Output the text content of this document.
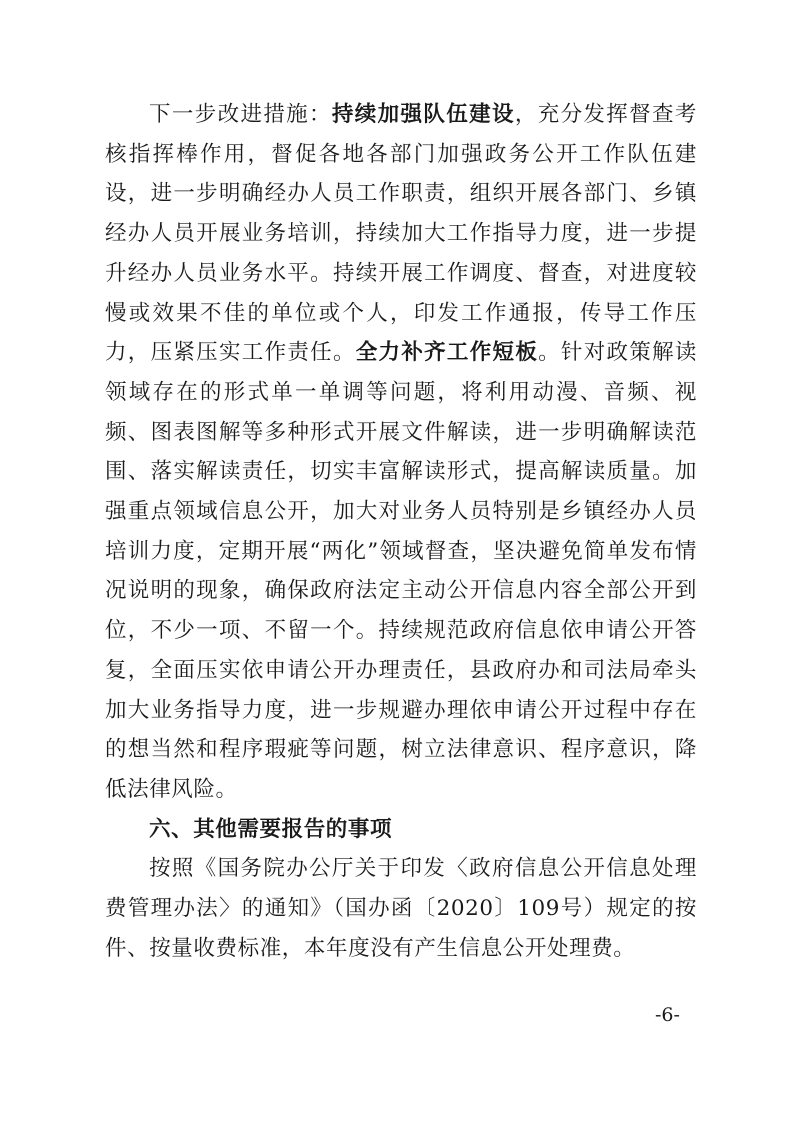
下一步改进措施：持续加强队伍建设，充分发挥督查考核指挥棒作用，督促各地各部门加强政务公开工作队伍建设，进一步明确经办人员工作职责，组织开展各部门、乡镇经办人员开展业务培训，持续加大工作指导力度，进一步提升经办人员业务水平。持续开展工作调度、督查，对进度较慢或效果不佳的单位或个人，印发工作通报，传导工作压力，压紧压实工作责任。全力补齐工作短板。针对政策解读领域存在的形式单一单调等问题，将利用动漫、音频、视频、图表图解等多种形式开展文件解读，进一步明确解读范围、落实解读责任，切实丰富解读形式，提高解读质量。加强重点领域信息公开，加大对业务人员特别是乡镇经办人员培训力度，定期开展“两化”领域督查，坚决避免简单发布情况说明的现象，确保政府法定主动公开信息内容全部公开到位，不少一项、不留一个。持续规范政府信息依申请公开答复，全面压实依申请公开办理责任，县政府办和司法局牵头加大业务指导力度，进一步规避办理依申请公开过程中存在的想当然和程序瑕疵等问题，树立法律意识、程序意识，降低法律风险。

六、其他需要报告的事项

按照《国务院办公厅关于印发〈政府信息公开信息处理费管理办法〉的通知》（国办函〔2020〕109号）规定的按件、按量收费标准，本年度没有产生信息公开处理费。

-6-
